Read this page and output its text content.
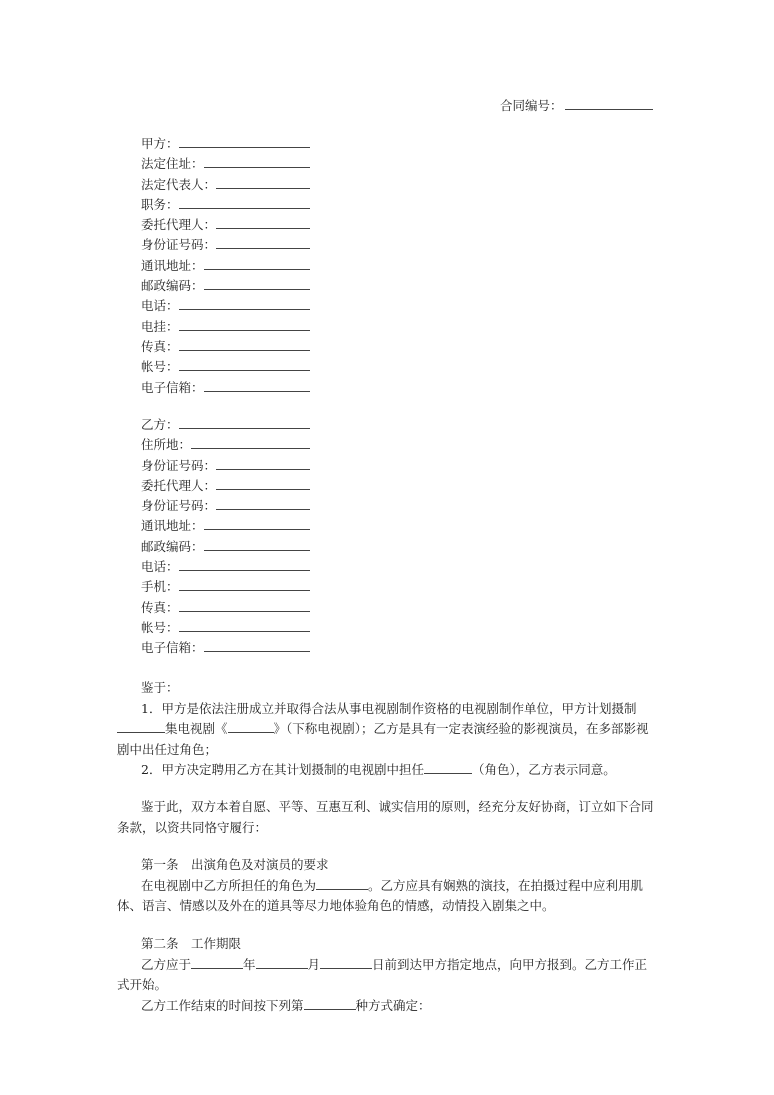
合同编号：
甲方：
法定住址：
法定代表人：
职务：
委托代理人：
身份证号码：
通讯地址：
邮政编码：
电话：
电挂：
传真：
帐号：
电子信箱：
乙方：
住所地：
身份证号码：
委托代理人：
身份证号码：
通讯地址：
邮政编码：
电话：
手机：
传真：
帐号：
电子信箱：

鉴于：

1．甲方是依法注册成立并取得合法从事电视剧制作资格的电视剧制作单位，甲方计划摄制集电视剧《	》（下称电视剧）；乙方是具有一定表演经验的影视演员，在多部影视剧中出任过角色；

2．甲方决定聘用乙方在其计划摄制的电视剧中担任	（角色），乙方表示同意。

鉴于此，双方本着自愿、平等、互惠互利、诚实信用的原则，经充分友好协商，订立如下合同条款，以资共同恪守履行：

第一条　出演角色及对演员的要求

在电视剧中乙方所担任的角色为	。乙方应具有娴熟的演技，在拍摄过程中应利用肌体、语言、情感以及外在的道具等尽力地体验角色的情感，动情投入剧集之中。

第二条　工作期限

乙方应于	年	月	日前到达甲方指定地点，向甲方报到。乙方工作正式开始。

乙方工作结束的时间按下列第	种方式确定：
